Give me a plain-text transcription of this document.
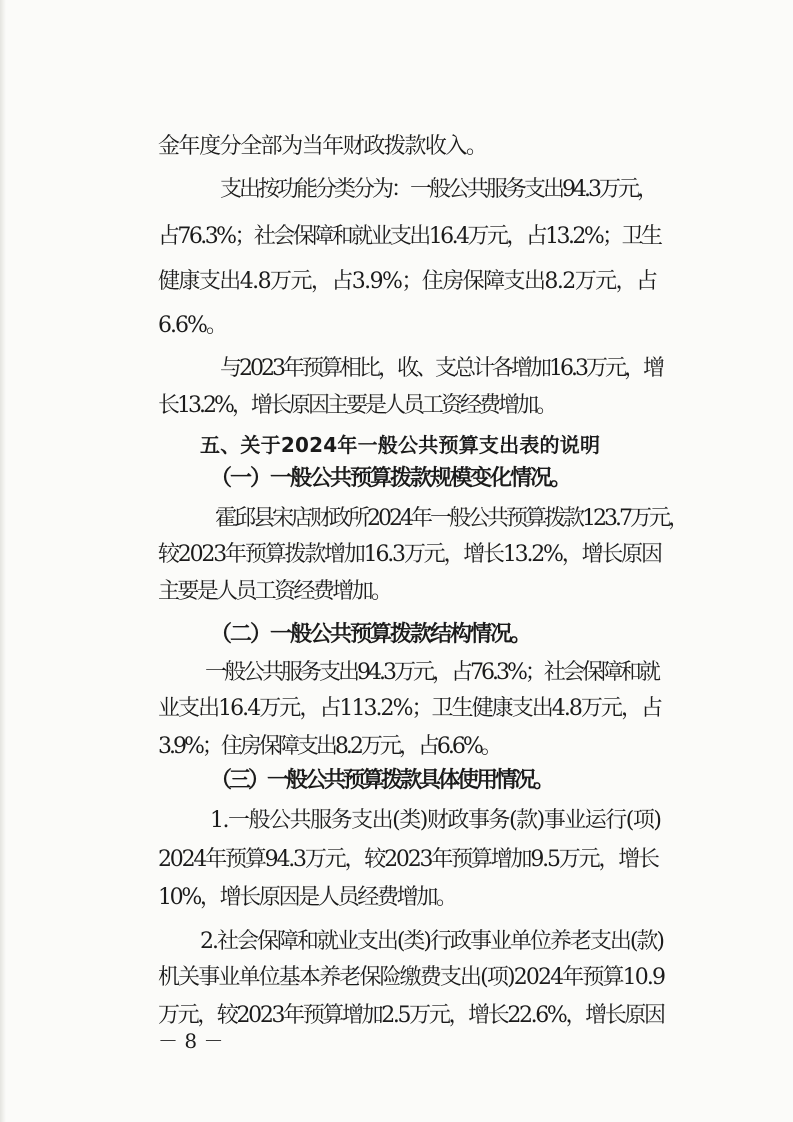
金年度分全部为当年财政拨款收入。
支出按功能分类分为：一般公共服务支出94.3万元，
占76.3%；社会保障和就业支出16.4万元，占13.2%；卫生
健康支出4.8万元，占3.9%；住房保障支出8.2万元，占
6.6%。
与2023年预算相比，收、支总计各增加16.3万元，增
长13.2%，增长原因主要是人员工资经费增加。
五、关于2024年一般公共预算支出表的说明
（一）一般公共预算拨款规模变化情况。
霍邱县宋店财政所2024年一般公共预算拨款123.7万元，
较2023年预算拨款增加16.3万元，增长13.2%，增长原因
主要是人员工资经费增加。
（二）一般公共预算拨款结构情况。
一般公共服务支出94.3万元，占76.3%；社会保障和就
业支出16.4万元，占113.2%；卫生健康支出4.8万元，占
3.9%；住房保障支出8.2万元，占6.6%。
（三）一般公共预算拨款具体使用情况。
1.一般公共服务支出(类)财政事务(款)事业运行(项)
2024年预算94.3万元，较2023年预算增加9.5万元，增长
10%，增长原因是人员经费增加。
2.社会保障和就业支出(类)行政事业单位养老支出(款)
机关事业单位基本养老保险缴费支出(项)2024年预算10.9
万元，较2023年预算增加2.5万元，增长22.6%，增长原因
－ 8 －
